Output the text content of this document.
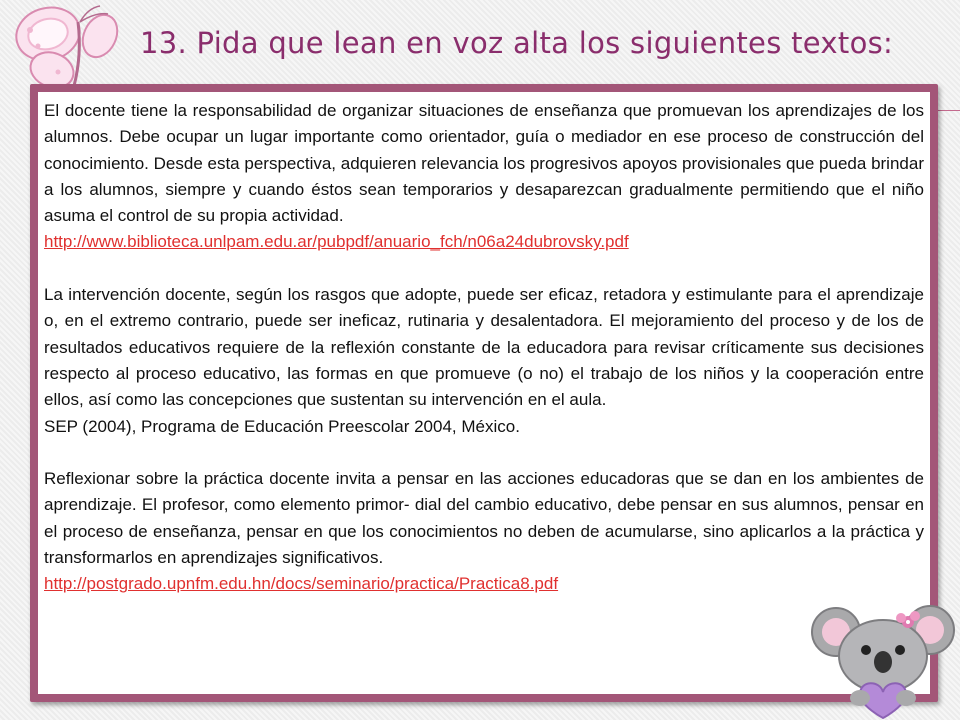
13. Pida que lean en voz alta los siguientes textos:

El docente tiene la responsabilidad de organizar situaciones de enseñanza que promuevan los aprendizajes de los alumnos. Debe ocupar un lugar importante como orientador, guía o mediador en ese proceso de construcción del conocimiento. Desde esta perspectiva, adquieren relevancia los progresivos apoyos provisionales que pueda brindar a los alumnos, siempre y cuando éstos sean temporarios y desaparezcan gradualmente permitiendo que el niño asuma el control de su propia actividad.

http://www.biblioteca.unlpam.edu.ar/pubpdf/anuario_fch/n06a24dubrovsky.pdf

La intervención docente, según los rasgos que adopte, puede ser eficaz, retadora y estimulante para el aprendizaje o, en el extremo contrario, puede ser ineficaz, rutinaria y desalentadora. El mejoramiento del proceso y de los de resultados educativos requiere de la reflexión constante de la educadora para revisar críticamente sus decisiones respecto al proceso educativo, las formas en que promueve (o no) el trabajo de los niños y la cooperación entre ellos, así como las concepciones que sustentan su intervención en el aula.

SEP (2004), Programa de Educación Preescolar 2004, México.

Reflexionar sobre la práctica docente invita a pensar en las acciones educadoras que se dan en los ambientes de aprendizaje. El profesor, como elemento primor- dial del cambio educativo, debe pensar en sus alumnos, pensar en el proceso de enseñanza, pensar en que los conocimientos no deben de acumularse, sino aplicarlos a la práctica y transformarlos en aprendizajes significativos.

http://postgrado.upnfm.edu.hn/docs/seminario/practica/Practica8.pdf
